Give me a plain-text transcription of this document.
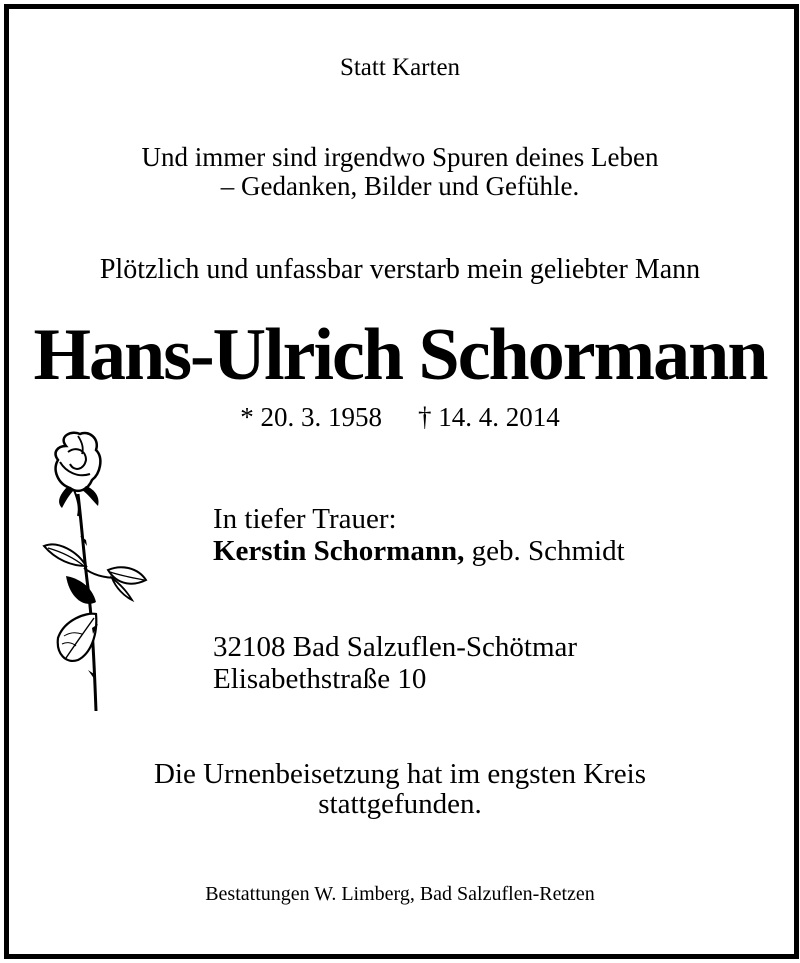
Statt Karten
Und immer sind irgendwo Spuren deines Leben
– Gedanken, Bilder und Gefühle.
Plötzlich und unfassbar verstarb mein geliebter Mann
Hans-Ulrich Schormann
* 20. 3. 1958 † 14. 4. 2014
In tiefer Trauer:
Kerstin Schormann, geb. Schmidt
32108 Bad Salzuflen-Schötmar
Elisabethstraße 10
Die Urnenbeisetzung hat im engsten Kreis
stattgefunden.
Bestattungen W. Limberg, Bad Salzuflen-Retzen
